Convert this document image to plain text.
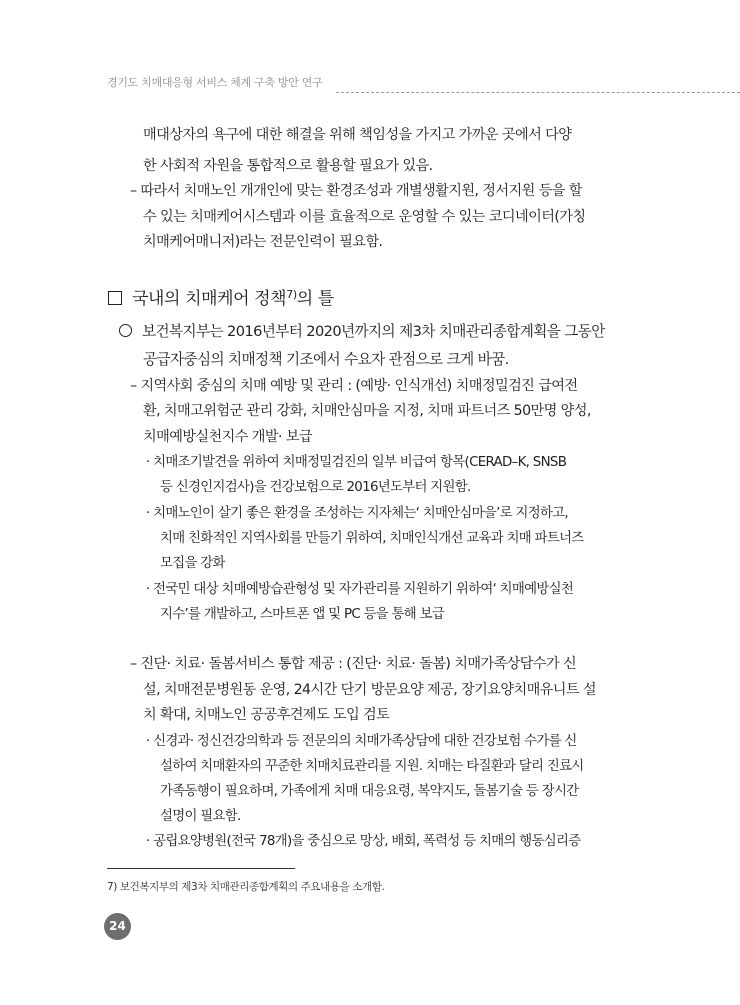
경기도 치매대응형 서비스 체계 구축 방안 연구
매대상자의 욕구에 대한 해결을 위해 책임성을 가지고 가까운 곳에서 다양
한 사회적 자원을 통합적으로 활용할 필요가 있음.
– 따라서 치매노인 개개인에 맞는 환경조성과 개별생활지원, 정서지원 등을 할
수 있는 치매케어시스템과 이를 효율적으로 운영할 수 있는 코디네이터(가칭
치매케어매니저)라는 전문인력이 필요함.
국내의 치매케어 정책$^{7)}$의 틀
보건복지부는 2016년부터 2020년까지의 제3차 치매관리종합계획을 그동안
공급자중심의 치매정책 기조에서 수요자 관점으로 크게 바꿈.
– 지역사회 중심의 치매 예방 및 관리 : (예방· 인식개선) 치매정밀검진 급여전
환, 치매고위험군 관리 강화, 치매안심마을 지정, 치매 파트너즈 50만명 양성,
치매예방실천지수 개발· 보급
· 치매조기발견을 위하여 치매정밀검진의 일부 비급여 항목(CERAD–K, SNSB
등 신경인지검사)을 건강보험으로 2016년도부터 지원함.
· 치매노인이 살기 좋은 환경을 조성하는 지자체는‘ 치매안심마을’로 지정하고,
치매 친화적인 지역사회를 만들기 위하여, 치매인식개선 교육과 치매 파트너즈
모집을 강화
· 전국민 대상 치매예방습관형성 및 자가관리를 지원하기 위하여‘ 치매예방실천
지수’를 개발하고, 스마트폰 앱 및 PC 등을 통해 보급
– 진단· 치료· 돌봄서비스 통합 제공 : (진단· 치료· 돌봄) 치매가족상담수가 신
설, 치매전문병원동 운영, 24시간 단기 방문요양 제공, 장기요양치매유니트 설
치 확대, 치매노인 공공후견제도 도입 검토
· 신경과· 정신건강의학과 등 전문의의 치매가족상담에 대한 건강보험 수가를 신
설하여 치매환자의 꾸준한 치매치료관리를 지원. 치매는 타질환과 달리 진료시
가족동행이 필요하며, 가족에게 치매 대응요령, 복약지도, 돌봄기술 등 장시간
설명이 필요함.
· 공립요양병원(전국 78개)을 중심으로 망상, 배회, 폭력성 등 치매의 행동심리증
7) 보건복지부의 제3차 치매관리종합계획의 주요내용을 소개함.
24
